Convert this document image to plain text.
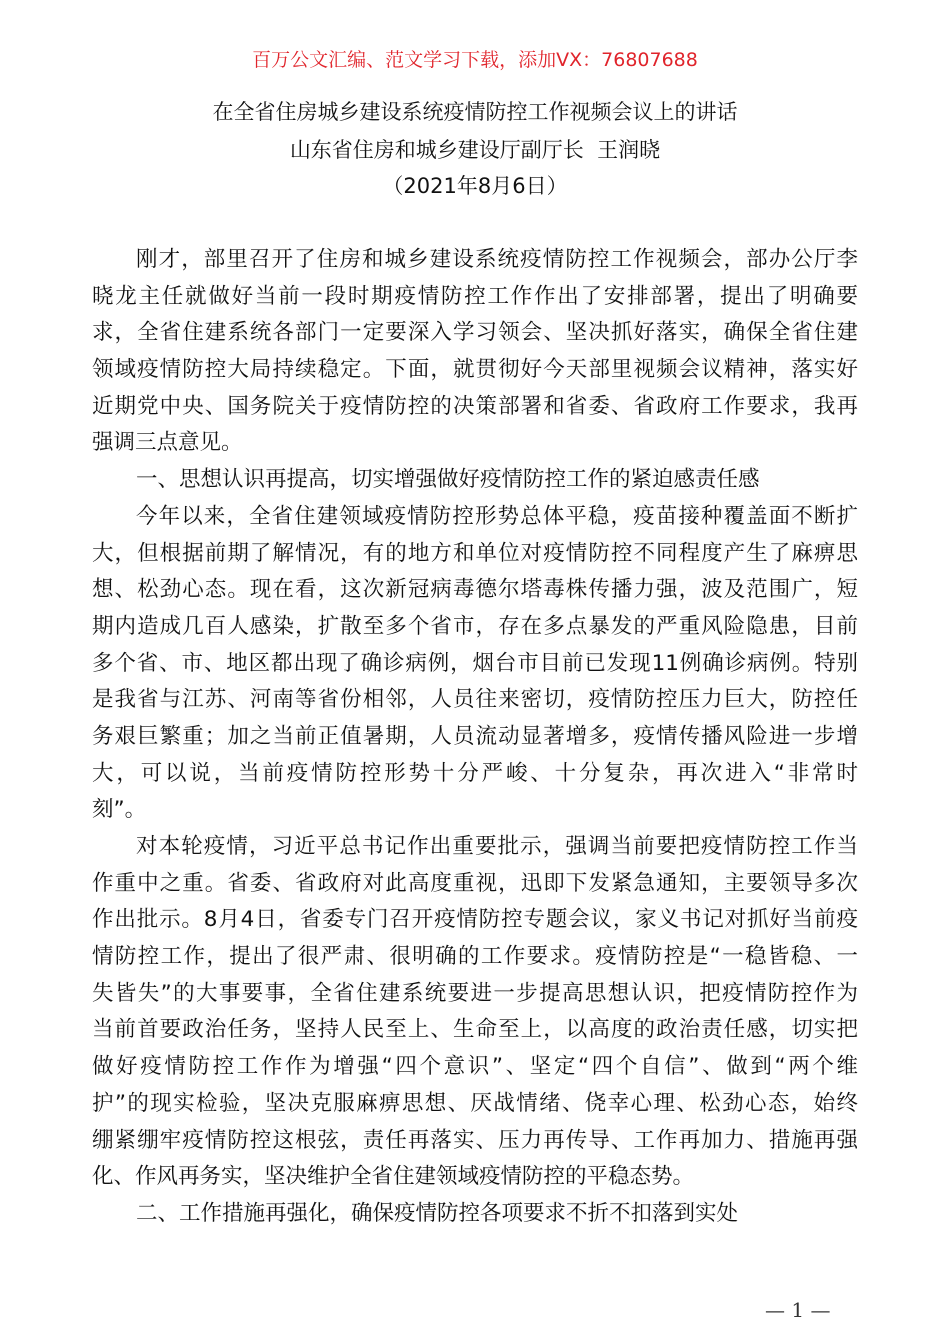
百万公文汇编、范文学习下载，添加VX：76807688
在全省住房城乡建设系统疫情防控工作视频会议上的讲话
山东省住房和城乡建设厅副厅长  王润晓
（2021年8月6日）
刚才，部里召开了住房和城乡建设系统疫情防控工作视频会，部办公厅李
晓龙主任就做好当前一段时期疫情防控工作作出了安排部署，提出了明确要
求，全省住建系统各部门一定要深入学习领会、坚决抓好落实，确保全省住建
领域疫情防控大局持续稳定。下面，就贯彻好今天部里视频会议精神，落实好
近期党中央、国务院关于疫情防控的决策部署和省委、省政府工作要求，我再
强调三点意见。
一、思想认识再提高，切实增强做好疫情防控工作的紧迫感责任感
今年以来，全省住建领域疫情防控形势总体平稳，疫苗接种覆盖面不断扩
大，但根据前期了解情况，有的地方和单位对疫情防控不同程度产生了麻痹思
想、松劲心态。现在看，这次新冠病毒德尔塔毒株传播力强，波及范围广，短
期内造成几百人感染，扩散至多个省市，存在多点暴发的严重风险隐患，目前
多个省、市、地区都出现了确诊病例，烟台市目前已发现11例确诊病例。特别
是我省与江苏、河南等省份相邻，人员往来密切，疫情防控压力巨大，防控任
务艰巨繁重；加之当前正值暑期，人员流动显著增多，疫情传播风险进一步增
大，可以说，当前疫情防控形势十分严峻、十分复杂，再次进入“非常时
刻”。
对本轮疫情，习近平总书记作出重要批示，强调当前要把疫情防控工作当
作重中之重。省委、省政府对此高度重视，迅即下发紧急通知，主要领导多次
作出批示。8月4日，省委专门召开疫情防控专题会议，家义书记对抓好当前疫
情防控工作，提出了很严肃、很明确的工作要求。疫情防控是“一稳皆稳、一
失皆失”的大事要事，全省住建系统要进一步提高思想认识，把疫情防控作为
当前首要政治任务，坚持人民至上、生命至上，以高度的政治责任感，切实把
做好疫情防控工作作为增强“四个意识”、坚定“四个自信”、做到“两个维
护”的现实检验，坚决克服麻痹思想、厌战情绪、侥幸心理、松劲心态，始终
绷紧绷牢疫情防控这根弦，责任再落实、压力再传导、工作再加力、措施再强
化、作风再务实，坚决维护全省住建领域疫情防控的平稳态势。
二、工作措施再强化，确保疫情防控各项要求不折不扣落到实处
— 1 —
